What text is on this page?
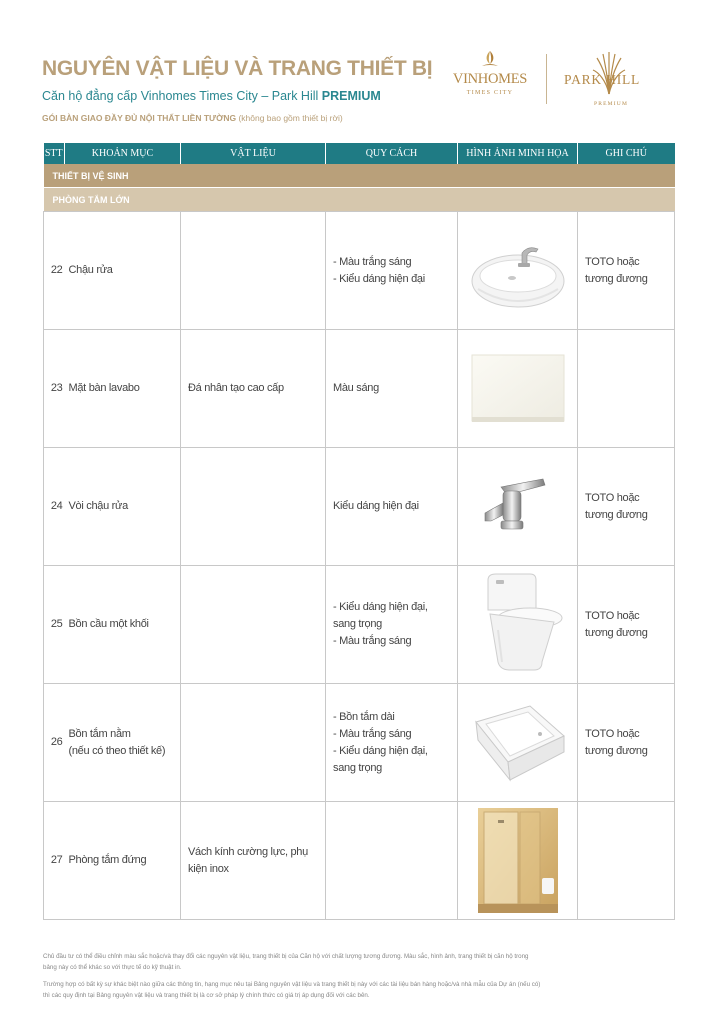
NGUYÊN VẬT LIỆU VÀ TRANG THIẾT BỊ
Căn hộ đẳng cấp Vinhomes Times City – Park Hill PREMIUM
GÓI BÀN GIAO ĐẦY ĐỦ NỘI THẤT LIỀN TƯỜNG (không bao gồm thiết bị rời)
VINHOMES
TIMES CITY
PARK HILL
PREMIUM
STT	KHOẢN MỤC	VẬT LIỆU	QUY CÁCH	HÌNH ẢNH MINH HỌA	GHI CHÚ
THIẾT BỊ VỆ SINH					
PHÒNG TẮM LỚN					
22	Chậu rửa		- Màu trắng sáng
- Kiểu dáng hiện đại		TOTO hoặc tương đương
23	Mặt bàn lavabo	Đá nhân tạo cao cấp	Màu sáng

24	Vòi chậu rửa		Kiểu dáng hiện đại		TOTO hoặc tương đương
25	Bồn cầu một khối		- Kiểu dáng hiện đại,
sang trọng
- Màu trắng sáng		TOTO hoặc tương đương
26	Bồn tắm nằm
(nếu có theo thiết kế)		- Bồn tắm dài
- Màu trắng sáng
- Kiểu dáng hiện đại,
sang trọng		TOTO hoặc tương đương
27	Phòng tắm đứng	Vách kính cường lực, phụ kiện inox			

Chủ đầu tư có thể điều chỉnh màu sắc hoặc/và thay đổi các nguyên vật liệu, trang thiết bị của Căn hộ với chất lượng tương đương. Màu sắc, hình ảnh, trang thiết bị căn hộ trong bảng này có thể khác so với thực tế do kỹ thuật in.

Trường hợp có bất kỳ sự khác biệt nào giữa các thông tin, hạng mục nêu tại Bảng nguyên vật liệu và trang thiết bị này với các tài liệu bán hàng hoặc/và nhà mẫu của Dự án (nếu có) thì các quy định tại Bảng nguyên vật liệu và trang thiết bị là cơ sở pháp lý chính thức có giá trị áp dụng đối với các bên.
